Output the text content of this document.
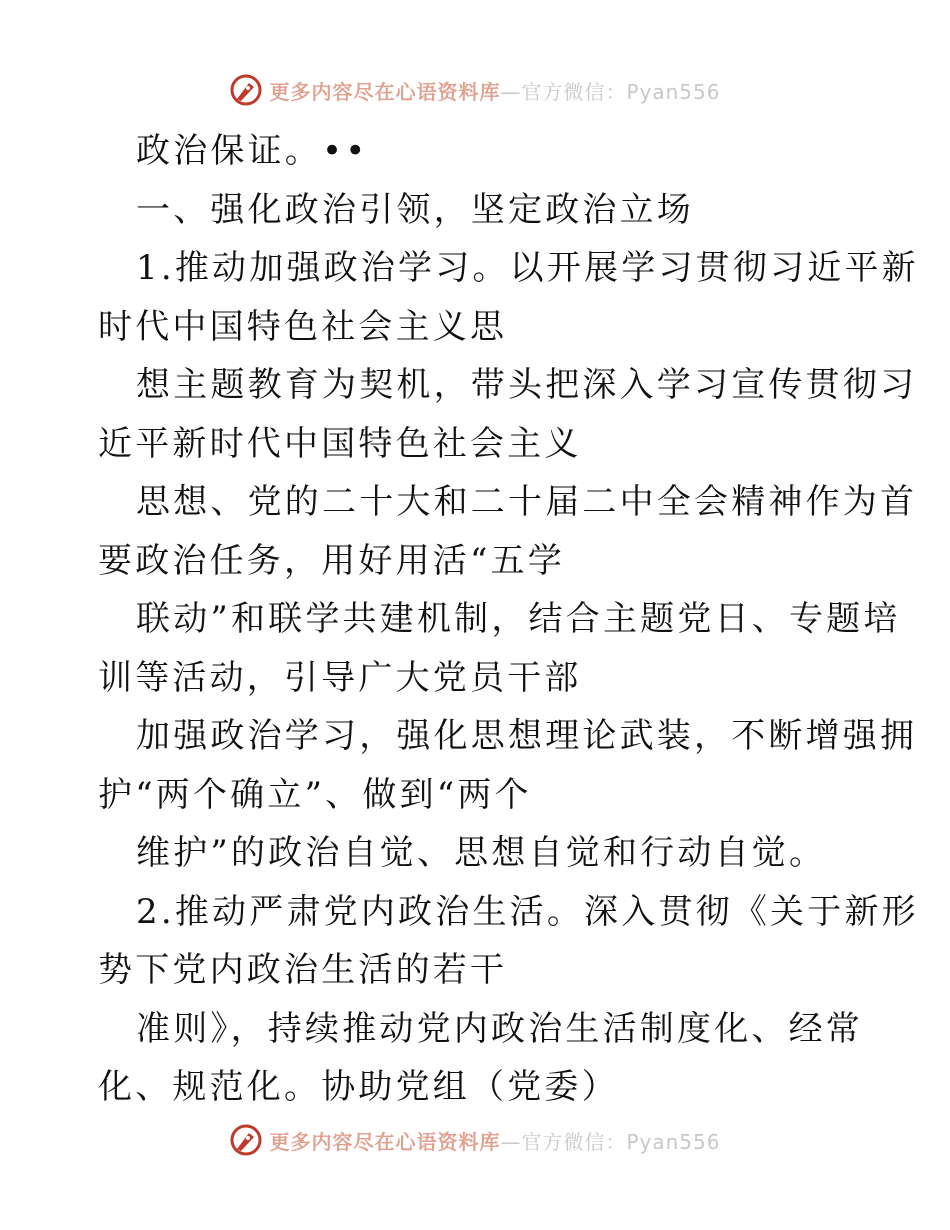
更多内容尽在心语资料库—官方微信：Pyan556
政治保证。••
一、强化政治引领，坚定政治立场
1.推动加强政治学习。以开展学习贯彻习近平新
时代中国特色社会主义思
想主题教育为契机，带头把深入学习宣传贯彻习
近平新时代中国特色社会主义
思想、党的二十大和二十届二中全会精神作为首
要政治任务，用好用活“五学
联动”和联学共建机制，结合主题党日、专题培
训等活动，引导广大党员干部
加强政治学习，强化思想理论武装，不断增强拥
护“两个确立”、做到“两个
维护”的政治自觉、思想自觉和行动自觉。
2.推动严肃党内政治生活。深入贯彻《关于新形
势下党内政治生活的若干
准则》，持续推动党内政治生活制度化、经常
化、规范化。协助党组（党委）
更多内容尽在心语资料库—官方微信：Pyan556
